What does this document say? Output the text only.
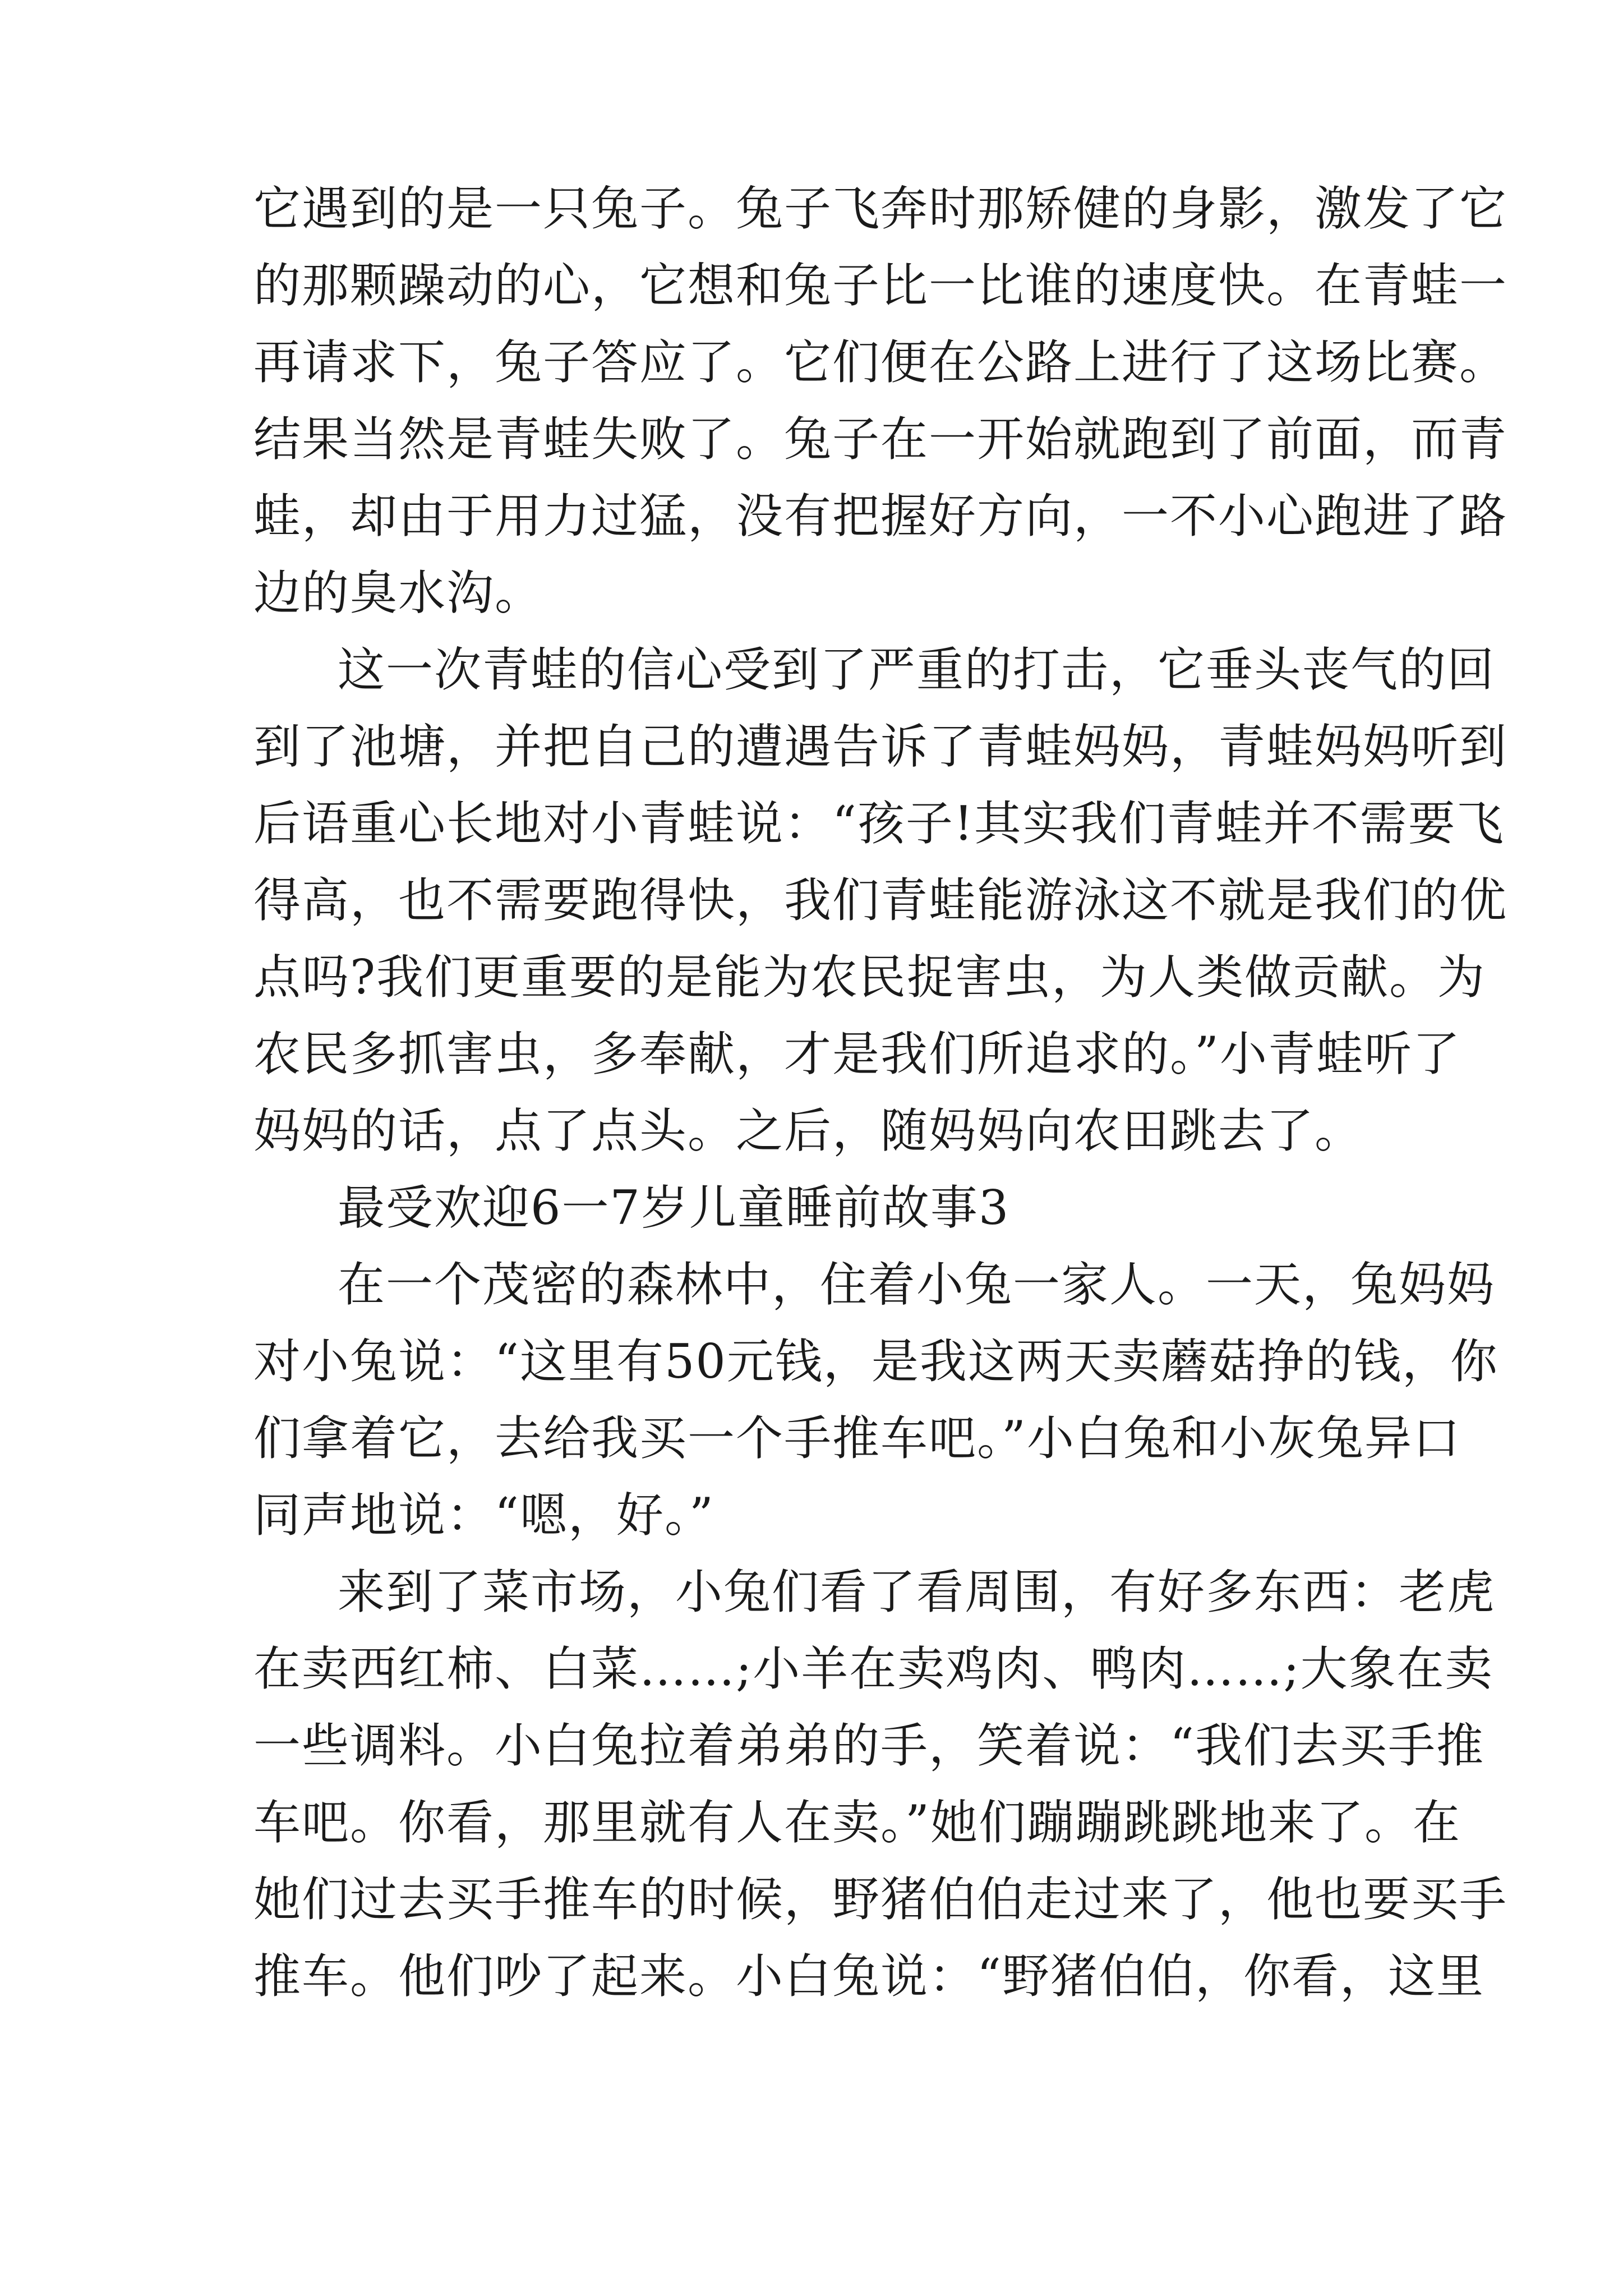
它遇到的是一只兔子。兔子飞奔时那矫健的身影，激发了它
的那颗躁动的心，它想和兔子比一比谁的速度快。在青蛙一
再请求下，兔子答应了。它们便在公路上进行了这场比赛。
结果当然是青蛙失败了。兔子在一开始就跑到了前面，而青
蛙，却由于用力过猛，没有把握好方向，一不小心跑进了路
边的臭水沟。
这一次青蛙的信心受到了严重的打击，它垂头丧气的回
到了池塘，并把自己的遭遇告诉了青蛙妈妈，青蛙妈妈听到
后语重心长地对小青蛙说：“孩子!其实我们青蛙并不需要飞
得高，也不需要跑得快，我们青蛙能游泳这不就是我们的优
点吗?我们更重要的是能为农民捉害虫，为人类做贡献。为
农民多抓害虫，多奉献，才是我们所追求的。”小青蛙听了
妈妈的话，点了点头。之后，随妈妈向农田跳去了。
最受欢迎6一7岁儿童睡前故事3
在一个茂密的森林中，住着小兔一家人。一天，兔妈妈
对小兔说：“这里有50元钱，是我这两天卖蘑菇挣的钱，你
们拿着它，去给我买一个手推车吧。”小白兔和小灰兔异口
同声地说：“嗯，好。”
来到了菜市场，小兔们看了看周围，有好多东西：老虎
在卖西红柿、白菜……;小羊在卖鸡肉、鸭肉……;大象在卖
一些调料。小白兔拉着弟弟的手，笑着说：“我们去买手推
车吧。你看，那里就有人在卖。”她们蹦蹦跳跳地来了。在
她们过去买手推车的时候，野猪伯伯走过来了，他也要买手
推车。他们吵了起来。小白兔说：“野猪伯伯，你看，这里
